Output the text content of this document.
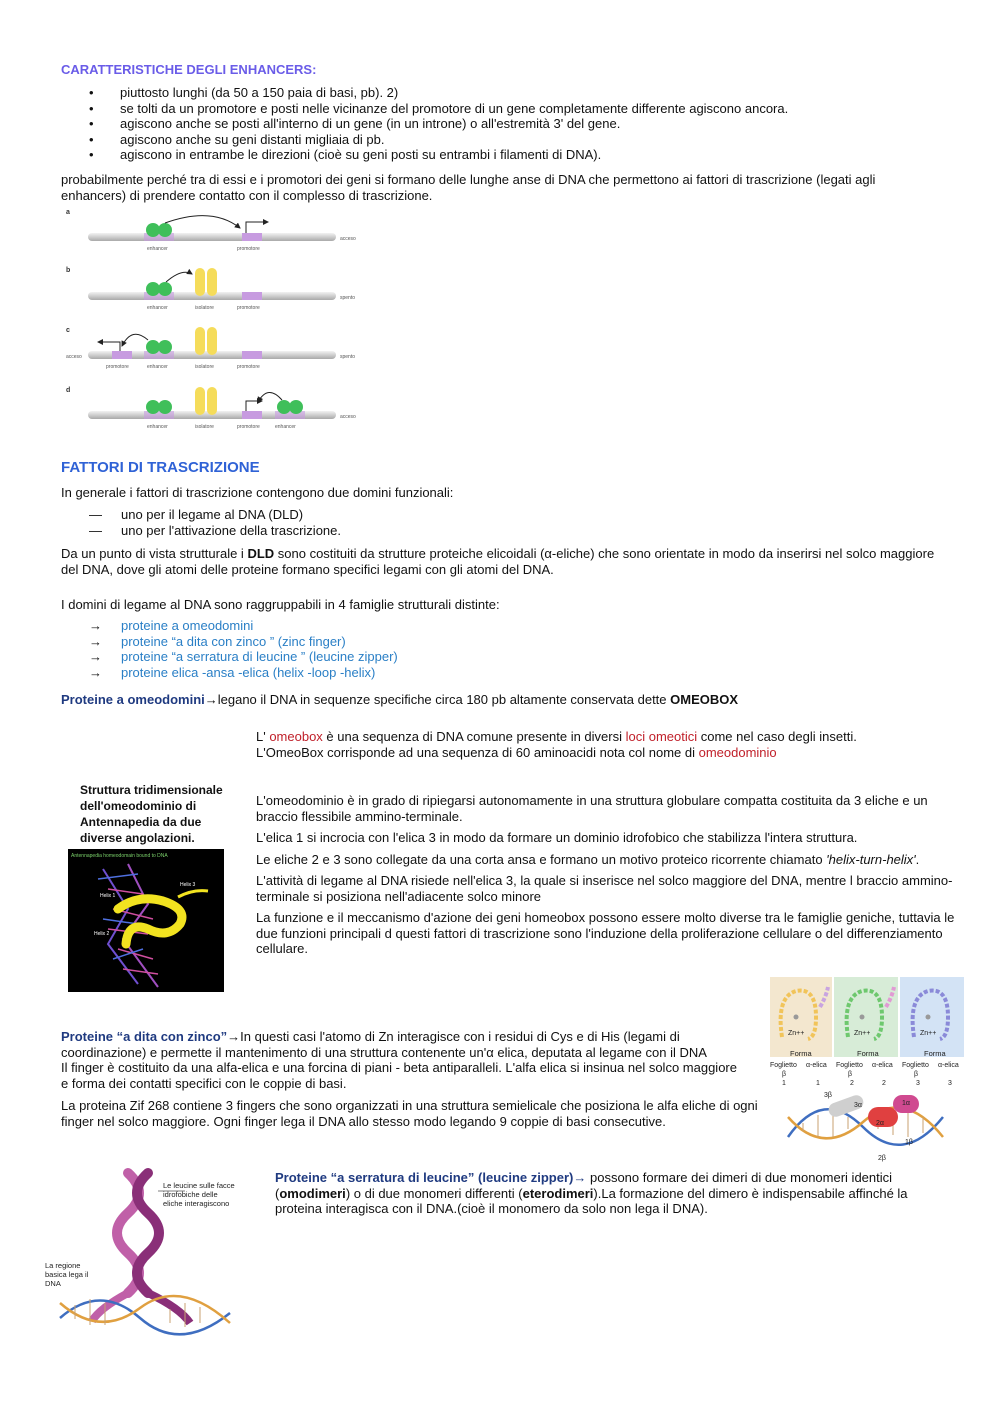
CARATTERISTICHE DEGLI ENHANCERS:
• piuttosto lunghi (da 50 a 150 paia di basi, pb). 2)
• se tolti da un promotore e posti nelle vicinanze del promotore di un gene completamente differente agiscono ancora.
• agiscono anche se posti all'interno di un gene (in un introne) o all'estremità 3' del gene.
• agiscono anche su geni distanti migliaia di pb.
• agiscono in entrambe le direzioni (cioè su geni posti su entrambi i filamenti di DNA).

probabilmente perché tra di essi e i promotori dei geni si formano delle lunghe anse di DNA che permettono ai fattori di trascrizione (legati agli enhancers) di prendere contatto con il complesso di trascrizione.

a
enhancer	promotore
acceso
b
enhancer	isolatore	promotore
spento
c
acceso
promotore	enhancer	isolatore	promotore
spento
d
enhancer	isolatore	promotore	enhancer
acceso
FATTORI DI TRASCRIZIONE

In generale i fattori di trascrizione contengono due domini funzionali:

— uno per il legame al DNA (DLD)
— uno per l'attivazione della trascrizione.

Da un punto di vista strutturale i DLD sono costituiti da strutture proteiche elicoidali (α-eliche) che sono orientate in modo da inserirsi nel solco maggiore del DNA, dove gli atomi delle proteine formano specifici legami con gli atomi del DNA.

I domini di legame al DNA sono raggruppabili in 4 famiglie strutturali distinte:

→ proteine a omeodomini
→ proteine “a dita con zinco ” (zinc finger)
→ proteine “a serratura di leucine ” (leucine zipper)
→ proteine elica -ansa -elica (helix -loop -helix)

Proteine a omeodomini→legano il DNA in sequenze specifiche circa 180 pb altamente conservata dette OMEOBOX

L' omeobox è una sequenza di DNA comune presente in diversi loci omeotici come nel caso degli insetti.
L'OmeoBox corrisponde ad una sequenza di 60 aminoacidi nota col nome di omeodominio

L'omeodominio è in grado di ripiegarsi autonomamente in una struttura globulare compatta costituita da 3 eliche e un braccio flessibile ammino-terminale.

L'elica 1 si incrocia con l'elica 3 in modo da formare un dominio idrofobico che stabilizza l'intera struttura.

Le eliche 2 e 3 sono collegate da una corta ansa e formano un motivo proteico ricorrente chiamato 'helix-turn-helix'.

L'attività di legame al DNA risiede nell'elica 3, la quale si inserisce nel solco maggiore del DNA, mentre l braccio ammino-terminale si posiziona nell'adiacente solco minore

La funzione e il meccanismo d'azione dei geni homeobox possono essere molto diverse tra le famiglie geniche, tuttavia le due funzioni principali d questi fattori di trascrizione sono l'induzione della proliferazione cellulare o del differenziamento cellulare.

Struttura tridimensionale dell'omeodominio di Antennapedia da due diverse angolazioni.
Antennapedia homeodomain bound to DNA
Helix 3
Helix 1
Helix 2

Proteine “a dita con zinco”→In questi casi l'atomo di Zn interagisce con i residui di Cys e di His (legami di coordinazione) e permette il mantenimento di una struttura contenente un'α elica, deputata al legame con il DNA

Il finger è costituito da una alfa-elica e una forcina di piani - beta antiparalleli. L'alfa elica si insinua nel solco maggiore e forma dei contatti specifici con le coppie di basi.

La proteina Zif 268 contiene 3 fingers che sono organizzati in una struttura semielicale che posiziona le alfa eliche di ogni finger nel solco maggiore. Ogni finger lega il DNA allo stesso modo legando 9 coppie di basi consecutive.

Zn++	Zn++	Zn++
Forma	Forma	Forma
Foglietto α-elica Foglietto α-elica Foglietto α-elica
β	β	β
1	1	2	2	3	3
3β
3α	1α
2α
1β
2β

Proteine “a serratura di leucine” (leucine zipper)→ possono formare dei dimeri di due monomeri identici (omodimeri) o di due monomeri differenti (eterodimeri).La formazione del dimero è indispensabile affinché la proteina interagisca con il DNA.(cioè il monomero da solo non lega il DNA).

Le leucine sulle facce idrofobiche delle eliche interagiscono
La regione basica lega il DNA
